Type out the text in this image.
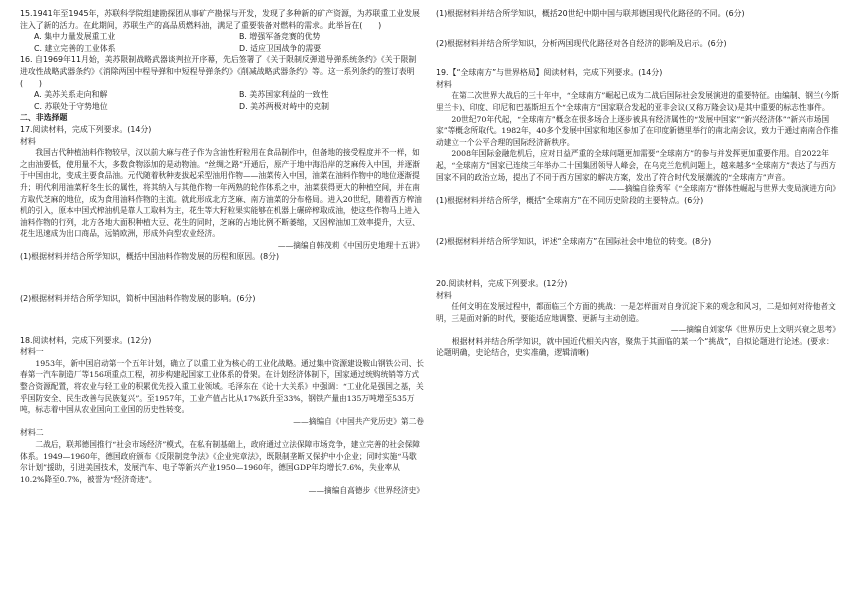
15.1941年至1945年，苏联科学院组建勘探团从事矿产勘探与开发，发现了多种新的矿产资源，为苏联重工业发展注入了新的活力。在此期间，苏联生产的高品质燃料油，满足了重要装备对燃料的需求。此举旨在(　　)

A. 集中力量发展重工业	B. 增强军备竞赛的优势

C. 建立完善的工业体系	D. 适应卫国战争的需要

16. 自1969年11月始，美苏限制战略武器谈判拉开序幕，先后签署了《关于限制反弹道导弹系统条约》《关于限制进攻性战略武器条约》《消除两国中程导弹和中短程导弹条约》《削减战略武器条约》等。这一系列条约的签订表明(　　)

A. 美苏关系走向和解	B. 美苏国家利益的一致性

C. 苏联处于守势地位	D. 美苏两极对峙中的克制

二、非选择题

17.阅读材料，完成下列要求。(14分)

材料

我国古代种植油料作物较早，汉以前大麻与荏子作为含油性籽粒用在食品制作中，但备地的接受程度并不一样，如之由油要低，使用量不大，多数食物添加的是动物油。“丝绸之路”开通后，原产于地中海沿岸的芝麻传入中国，并逐渐于中国由北，变成主要食品油。元代随着秋种麦拔起采型油用作物——油菜传入中国，油菜在油料作物中的地位逐渐提升；明代利用油菜籽冬生长的属性，将其纳入与其他作物一年两熟的轮作体系之中，油菜获得更大的种植空间，并在南方取代芝麻的地位，成为食用油料作物的主流。就此形成北方芝麻、南方油菜的分布格局。进入20世纪，随着西方榨油机的引入，原本中国式榨油机是靠人工取料为主，花生等大籽粒果实能够在机器上碾碎榨取成油，使这些作物马上进入油料作物的行列，北方各地大面积种植大豆、花生的同时，芝麻的占地比例不断萎缩，又因榨油加工效率提升，大豆、花生迅速成为出口商品，远销欧洲，形成外向型农业经济。

——摘编自韩茂莉《中国历史地理十五讲》

(1)根据材料并结合所学知识，概括中国油料作物发展的历程和原因。(8分)

(2)根据材料并结合所学知识，简析中国油料作物发展的影响。(6分)

18.阅读材料，完成下列要求。(12分)

材料一

1953年，新中国启动第一个五年计划，确立了以重工业为核心的工业化战略。通过集中资源建设鞍山钢铁公司、长春第一汽车制造厂等156项重点工程，初步构建起国家工业体系的骨架。在计划经济体制下，国家通过统购统销等方式整合资源配置，将农业与轻工业的积累优先投入重工业领域。毛泽东在《论十大关系》中强调：“工业化是强国之基，关乎国防安全、民生改善与民族复兴”。至1957年，工业产值占比从17%跃升至33%，钢铁产量由135万吨增至535万吨，标志着中国从农业国向工业国的历史性转变。

——摘编自《中国共产党历史》第二卷

材料二

二战后，联邦德国推行“社会市场经济”模式，在私有制基础上，政府通过立法保障市场竞争，建立完善的社会保障体系。1949—1960年，德国政府颁布《反限制竞争法》《企业宪章法》，既限制垄断又保护中小企业；同时实施“马歇尔计划”援助，引进美国技术，发展汽车、电子等新兴产业1950—1960年，德国GDP年均增长7.6%，失业率从10.2%降至0.7%，被誉为“经济奇迹”。

——摘编自高德步《世界经济史》

(1)根据材料并结合所学知识，概括20世纪中期中国与联邦德国现代化路径的不同。(6分)

(2)根据材料并结合所学知识，分析两国现代化路径对各自经济的影响及启示。(6分)

19.【“全球南方”与世界格局】阅读材料，完成下列要求。(14分)

材料

在第二次世界大战后的三十年中，“全球南方”崛起已成为二战后国际社会发展演进的重要特征。由编制、钢兰(今斯里兰卡)、印度、印尼和巴基斯坦五个“全球南方”国家联合发起的亚非会议(又称万隆会议)是其中重要的标志性事件。

20世纪70年代起，“全球南方”概念在很多场合上逐步被具有经济属性的“发展中国家”“新兴经济体”“新兴市场国家”等概念所取代。1982年，40多个发展中国家和地区参加了在印度新德里举行的南北南会议，致力于通过南南合作推动建立一个公平合理的国际经济新秩序。

2008年国际金融危机后，应对日益严重的全球问题更加需要“全球南方”的参与并发挥更加重要作用。自2022年起，“全球南方”国家已连续三年举办二十国集团领导人峰会，在乌克兰危机问题上，越来越多“全球南方”表达了与西方国家不同的政治立场，提出了不同于西方国家的解决方案，发出了符合时代发展潮流的“全球南方”声音。

——摘编自徐秀军《“全球南方”群体性崛起与世界大变局演进方向》

(1)根据材料并结合所学，概括“全球南方”在不同历史阶段的主要特点。(6分)

(2)根据材料并结合所学知识，评述“全球南方”在国际社会中地位的转变。(8分)

20.阅读材料，完成下列要求。(12分)

材料

任何文明在发展过程中，都面临三个方面的挑战：一是怎样面对自身沉淀下来的观念和风习，二是如何对待他者文明，三是面对新的时代，要能适应地调整、更新与主动创造。

——摘编自刘家华《世界历史上文明兴衰之思考》

根据材料并结合所学知识，就中国近代相关内容，聚焦于其面临的某一个“挑战”，自拟论题进行论述。(要求：论题明确，史论结合，史实准确，逻辑清晰)
